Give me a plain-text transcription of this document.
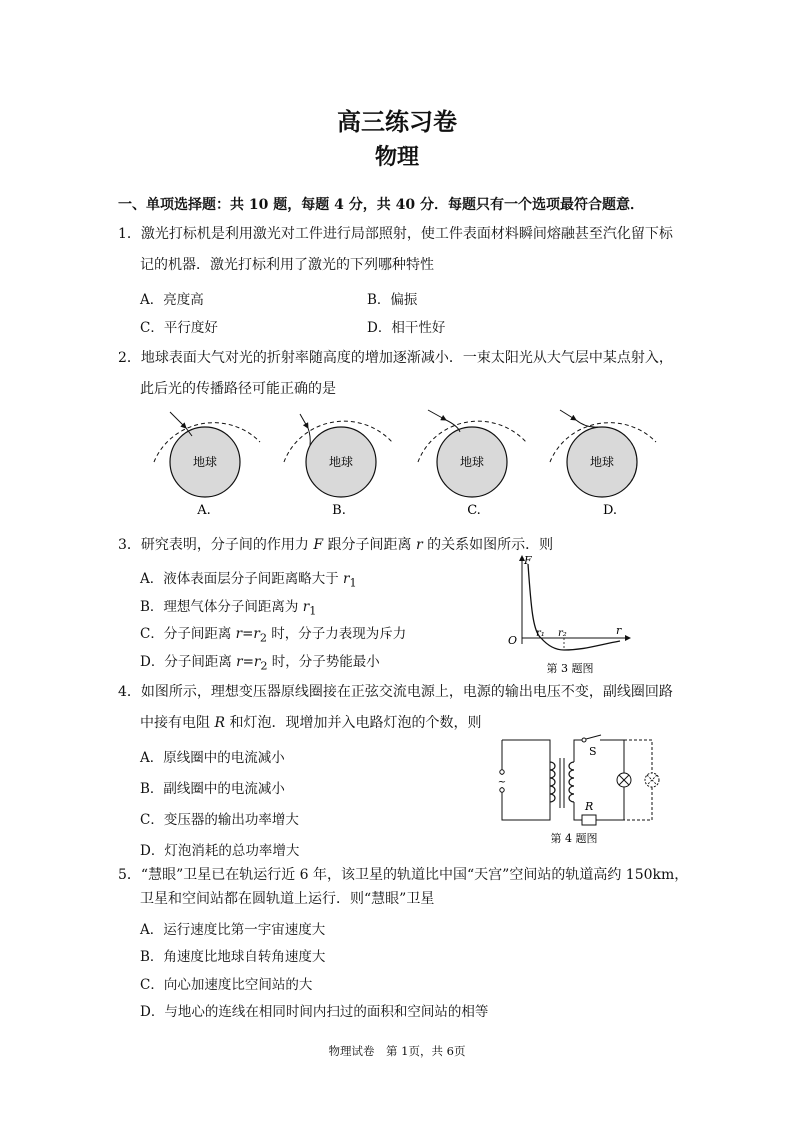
高三练习卷
物理
一、单项选择题：共 10 题，每题 4 分，共 40 分．每题只有一个选项最符合题意．
1．激光打标机是利用激光对工件进行局部照射，使工件表面材料瞬间熔融甚至汽化留下标
记的机器．激光打标利用了激光的下列哪种特性
A．亮度高	B．偏振
C．平行度好	D．相干性好
2．地球表面大气对光的折射率随高度的增加逐渐减小．一束太阳光从大气层中某点射入，
此后光的传播路径可能正确的是
地球	地球	地球	地球
A.	B.	C.	D.
3．研究表明，分子间的作用力 F 跟分子间距离 r 的关系如图所示．则
A．液体表面层分子间距离略大于 $r_1$
B．理想气体分子间距离为 $r_1$
C．分子间距离 $r=r_2$ 时，分子力表现为斥力
D．分子间距离 $r=r_2$ 时，分子势能最小
F
O
r₁ r₂	r
第 3 题图
4．如图所示，理想变压器原线圈接在正弦交流电源上，电源的输出电压不变，副线圈回路
中接有电阻 R 和灯泡．现增加并入电路灯泡的个数，则
A．原线圈中的电流减小
B．副线圈中的电流减小
C．变压器的输出功率增大
D．灯泡消耗的总功率增大
~
S
R
第 4 题图
5．“慧眼”卫星已在轨运行近 6 年，该卫星的轨道比中国“天宫”空间站的轨道高约 150km，
卫星和空间站都在圆轨道上运行．则“慧眼”卫星
A．运行速度比第一宇宙速度大
B．角速度比地球自转角速度大
C．向心加速度比空间站的大
D．与地心的连线在相同时间内扫过的面积和空间站的相等
物理试卷　第 1页，共 6页
